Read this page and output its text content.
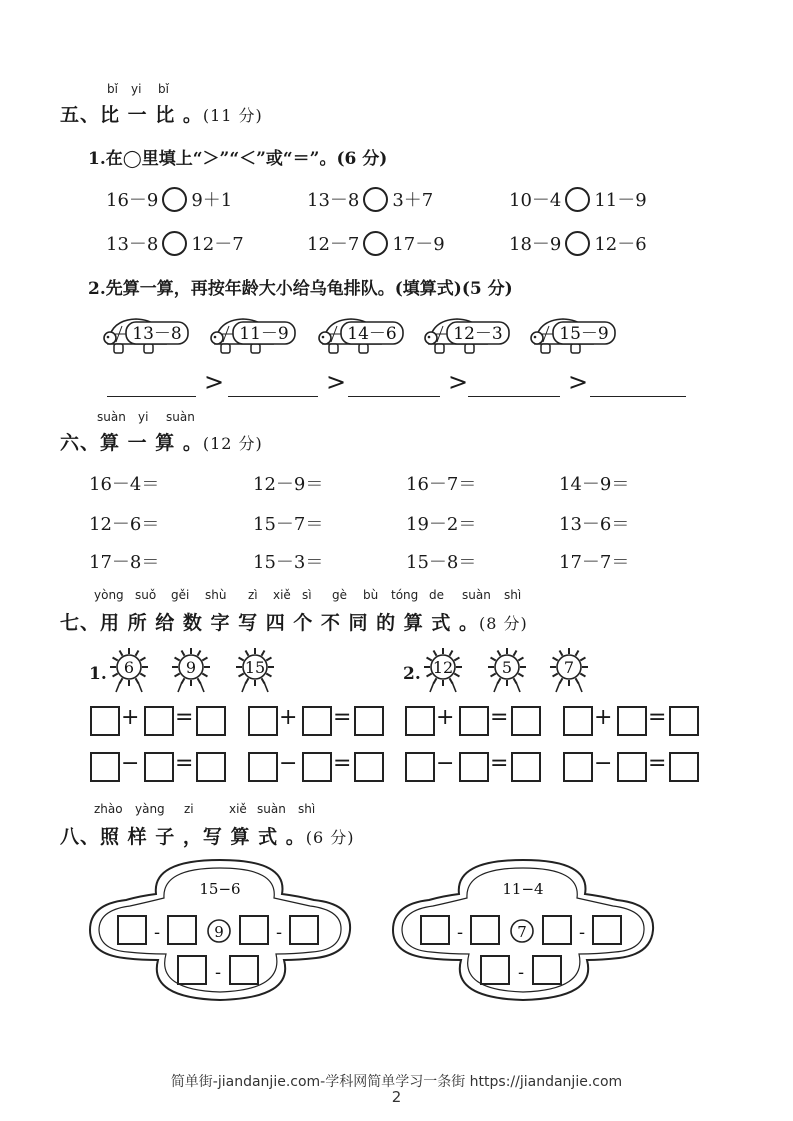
bǐ yi bǐ
五、比 一 比 。(11 分)
1.在◯里填上“＞”“＜”或“＝”。(6 分)
16－9 9＋1	13－8 3＋7	10－4 11－9
13－8 12－7	12－7 17－9	18－9 12－6
2.先算一算，再按年龄大小给乌龟排队。(填算式)(5 分)
13－8	11－9	14－6	12－3	15－9
>	>	>	>
suàn yi suàn
六、算 一 算 。(12 分)
16－4＝	12－9＝	16－7＝	14－9＝
12－6＝	15－7＝	19－2＝	13－6＝
17－8＝	15－3＝	15－8＝	17－7＝
yòng suǒ gěi shù zì xiě sì gè bù tóng de suàn shì
七、用 所 给 数 字 写 四 个 不 同 的 算 式 。(8 分)
1.	2.
6	9	15	12	5	7
+ =	+ =	+ =	+ =
− =	− =	− =	− =
zhào yàng zi	xiě suàn shì
八、照 样 子 ，写 算 式 。(6 分)
15−6
-	-
9
-
11−4
-	-
7
-
简单街-jiandanjie.com-学科网简单学习一条街 https://jiandanjie.com
2
